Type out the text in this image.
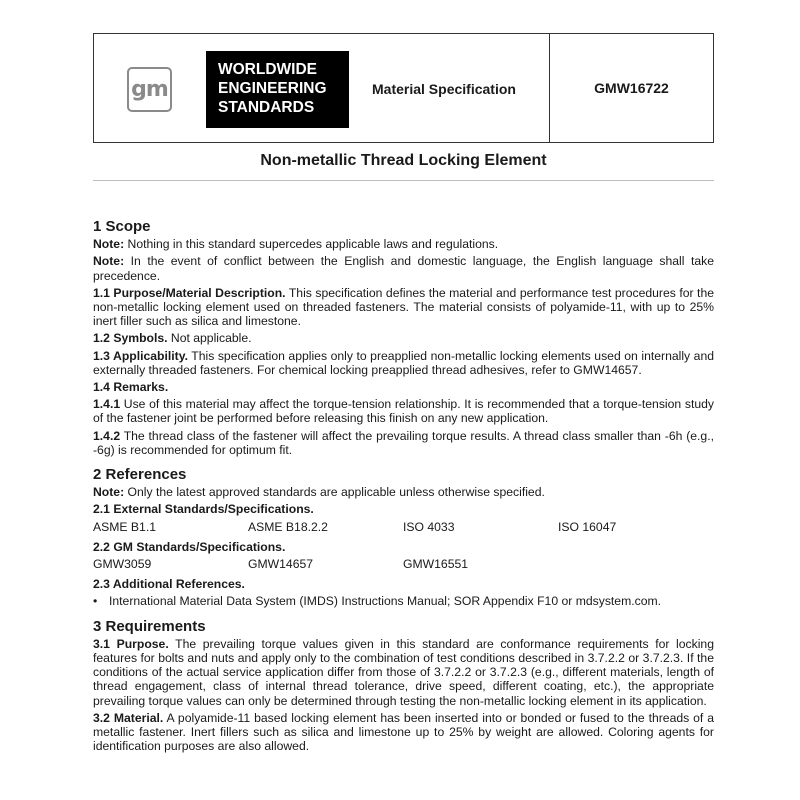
gm
WORLDWIDE
ENGINEERING
STANDARDS
Material Specification	GMW16722
Non-metallic Thread Locking Element
1 Scope

Note: Nothing in this standard supercedes applicable laws and regulations.

Note: In the event of conflict between the English and domestic language, the English language shall take precedence.

1.1 Purpose/Material Description. This specification defines the material and performance test procedures for the non-metallic locking element used on threaded fasteners. The material consists of polyamide-11, with up to 25% inert filler such as silica and limestone.

1.2 Symbols. Not applicable.

1.3 Applicability. This specification applies only to preapplied non-metallic locking elements used on internally and externally threaded fasteners. For chemical locking preapplied thread adhesives, refer to GMW14657.

1.4 Remarks.

1.4.1 Use of this material may affect the torque-tension relationship. It is recommended that a torque-tension study of the fastener joint be performed before releasing this finish on any new application.

1.4.2 The thread class of the fastener will affect the prevailing torque results. A thread class smaller than -6h (e.g., -6g) is recommended for optimum fit.

2 References

Note: Only the latest approved standards are applicable unless otherwise specified.

2.1 External Standards/Specifications.

ASME B1.1	ASME B18.2.2	ISO 4033	ISO 16047

2.2 GM Standards/Specifications.

GMW3059	GMW14657	GMW16551

2.3 Additional References.

• International Material Data System (IMDS) Instructions Manual; SOR Appendix F10 or mdsystem.com.
3 Requirements

3.1 Purpose. The prevailing torque values given in this standard are conformance requirements for locking features for bolts and nuts and apply only to the combination of test conditions described in 3.7.2.2 or 3.7.2.3. If the conditions of the actual service application differ from those of 3.7.2.2 or 3.7.2.3 (e.g., different materials, length of thread engagement, class of internal thread tolerance, drive speed, different coating, etc.), the appropriate prevailing torque values can only be determined through testing the non-metallic locking element in its application.

3.2 Material. A polyamide-11 based locking element has been inserted into or bonded or fused to the threads of a metallic fastener. Inert fillers such as silica and limestone up to 25% by weight are allowed. Coloring agents for identification purposes are also allowed.
